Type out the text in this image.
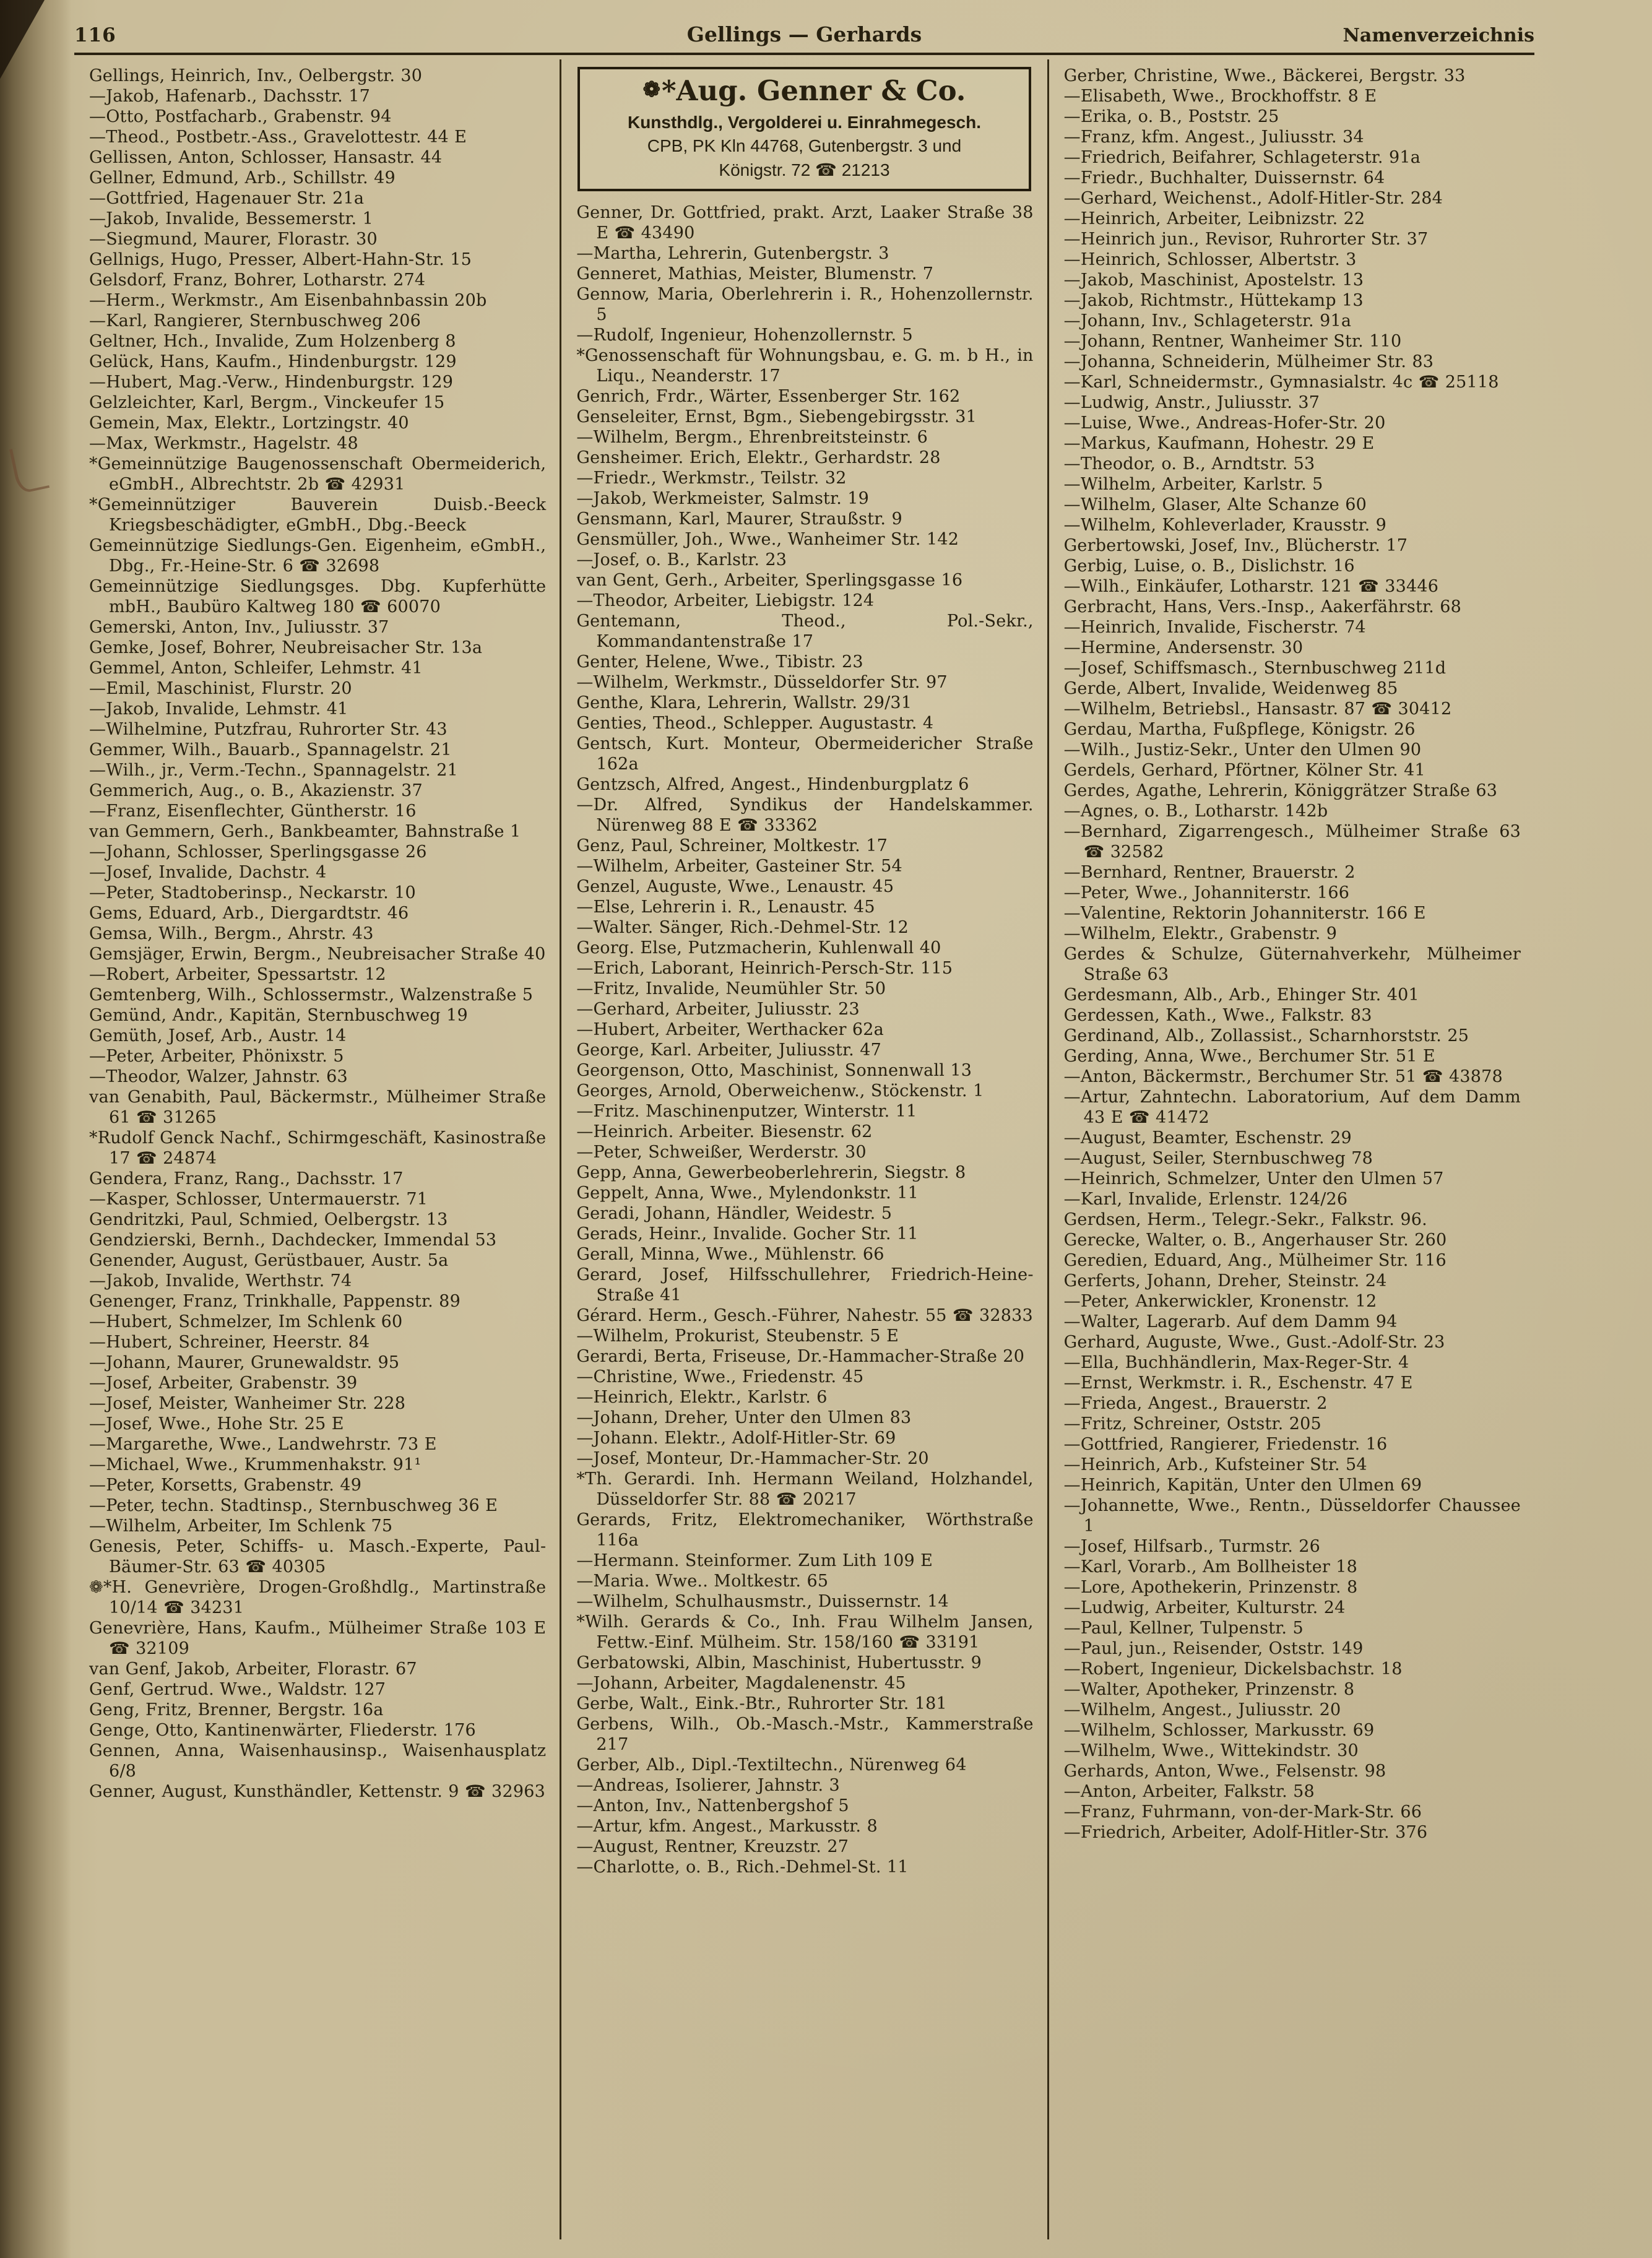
116	Gellings — Gerhards	Namenverzeichnis
Gellings, Heinrich, Inv., Oelbergstr. 30
—Jakob, Hafenarb., Dachsstr. 17
—Otto, Postfacharb., Grabenstr. 94
—Theod., Postbetr.-Ass., Gravelottestr. 44 E
Gellissen, Anton, Schlosser, Hansastr. 44
Gellner, Edmund, Arb., Schillstr. 49
—Gottfried, Hagenauer Str. 21a
—Jakob, Invalide, Bessemerstr. 1
—Siegmund, Maurer, Florastr. 30
Gellnigs, Hugo, Presser, Albert-Hahn-Str. 15
Gelsdorf, Franz, Bohrer, Lotharstr. 274
—Herm., Werkmstr., Am Eisenbahnbassin 20b
—Karl, Rangierer, Sternbuschweg 206
Geltner, Hch., Invalide, Zum Holzenberg 8
Gelück, Hans, Kaufm., Hindenburgstr. 129
—Hubert, Mag.-Verw., Hindenburgstr. 129
Gelzleichter, Karl, Bergm., Vinckeufer 15
Gemein, Max, Elektr., Lortzingstr. 40
—Max, Werkmstr., Hagelstr. 48
*Gemeinnützige Baugenossenschaft Obermeiderich, eGmbH., Albrechtstr. 2b ☎ 42931
*Gemeinnütziger Bauverein Duisb.-Beeck Kriegsbeschädigter, eGmbH., Dbg.-Beeck
Gemeinnützige Siedlungs-Gen. Eigenheim, eGmbH., Dbg., Fr.-Heine-Str. 6 ☎ 32698
Gemeinnützige Siedlungsges. Dbg. Kupferhütte mbH., Baubüro Kaltweg 180 ☎ 60070
Gemerski, Anton, Inv., Juliusstr. 37
Gemke, Josef, Bohrer, Neubreisacher Str. 13a
Gemmel, Anton, Schleifer, Lehmstr. 41
—Emil, Maschinist, Flurstr. 20
—Jakob, Invalide, Lehmstr. 41
—Wilhelmine, Putzfrau, Ruhrorter Str. 43
Gemmer, Wilh., Bauarb., Spannagelstr. 21
—Wilh., jr., Verm.-Techn., Spannagelstr. 21
Gemmerich, Aug., o. B., Akazienstr. 37
—Franz, Eisenflechter, Güntherstr. 16
van Gemmern, Gerh., Bankbeamter, Bahnstraße 1
—Johann, Schlosser, Sperlingsgasse 26
—Josef, Invalide, Dachstr. 4
—Peter, Stadtoberinsp., Neckarstr. 10
Gems, Eduard, Arb., Diergardtstr. 46
Gemsa, Wilh., Bergm., Ahrstr. 43
Gemsjäger, Erwin, Bergm., Neubreisacher Straße 40
—Robert, Arbeiter, Spessartstr. 12
Gemtenberg, Wilh., Schlossermstr., Walzenstraße 5
Gemünd, Andr., Kapitän, Sternbuschweg 19
Gemüth, Josef, Arb., Austr. 14
—Peter, Arbeiter, Phönixstr. 5
—Theodor, Walzer, Jahnstr. 63
van Genabith, Paul, Bäckermstr., Mülheimer Straße 61 ☎ 31265
*Rudolf Genck Nachf., Schirmgeschäft, Kasinostraße 17 ☎ 24874
Gendera, Franz, Rang., Dachsstr. 17
—Kasper, Schlosser, Untermauerstr. 71
Gendritzki, Paul, Schmied, Oelbergstr. 13
Gendzierski, Bernh., Dachdecker, Immendal 53
Genender, August, Gerüstbauer, Austr. 5a
—Jakob, Invalide, Werthstr. 74
Genenger, Franz, Trinkhalle, Pappenstr. 89
—Hubert, Schmelzer, Im Schlenk 60
—Hubert, Schreiner, Heerstr. 84
—Johann, Maurer, Grunewaldstr. 95
—Josef, Arbeiter, Grabenstr. 39
—Josef, Meister, Wanheimer Str. 228
—Josef, Wwe., Hohe Str. 25 E
—Margarethe, Wwe., Landwehrstr. 73 E
—Michael, Wwe., Krummenhakstr. 91¹
—Peter, Korsetts, Grabenstr. 49
—Peter, techn. Stadtinsp., Sternbuschweg 36 E
—Wilhelm, Arbeiter, Im Schlenk 75
Genesis, Peter, Schiffs- u. Masch.-Experte, Paul-Bäumer-Str. 63 ☎ 40305
❁*H. Genevrière, Drogen-Großhdlg., Martinstraße 10/14 ☎ 34231
Genevrière, Hans, Kaufm., Mülheimer Straße 103 E ☎ 32109
van Genf, Jakob, Arbeiter, Florastr. 67
Genf, Gertrud. Wwe., Waldstr. 127
Geng, Fritz, Brenner, Bergstr. 16a
Genge, Otto, Kantinenwärter, Fliederstr. 176
Gennen, Anna, Waisenhausinsp., Waisenhausplatz 6/8
Genner, August, Kunsthändler, Kettenstr. 9 ☎ 32963
❁*Aug. Genner & Co.
Kunsthdlg., Vergolderei u. Einrahmegesch.
CPB, PK Kln 44768, Gutenbergstr. 3 und
Königstr. 72 ☎ 21213
Genner, Dr. Gottfried, prakt. Arzt, Laaker Straße 38 E ☎ 43490
—Martha, Lehrerin, Gutenbergstr. 3
Genneret, Mathias, Meister, Blumenstr. 7
Gennow, Maria, Oberlehrerin i. R., Hohenzollernstr. 5
—Rudolf, Ingenieur, Hohenzollernstr. 5
*Genossenschaft für Wohnungsbau, e. G. m. b H., in Liqu., Neanderstr. 17
Genrich, Frdr., Wärter, Essenberger Str. 162
Genseleiter, Ernst, Bgm., Siebengebirgsstr. 31
—Wilhelm, Bergm., Ehrenbreitsteinstr. 6
Gensheimer. Erich, Elektr., Gerhardstr. 28
—Friedr., Werkmstr., Teilstr. 32
—Jakob, Werkmeister, Salmstr. 19
Gensmann, Karl, Maurer, Straußstr. 9
Gensmüller, Joh., Wwe., Wanheimer Str. 142
—Josef, o. B., Karlstr. 23
van Gent, Gerh., Arbeiter, Sperlingsgasse 16
—Theodor, Arbeiter, Liebigstr. 124
Gentemann, Theod., Pol.-Sekr., Kommandantenstraße 17
Genter, Helene, Wwe., Tibistr. 23
—Wilhelm, Werkmstr., Düsseldorfer Str. 97
Genthe, Klara, Lehrerin, Wallstr. 29/31
Genties, Theod., Schlepper. Augustastr. 4
Gentsch, Kurt. Monteur, Obermeidericher Straße 162a
Gentzsch, Alfred, Angest., Hindenburgplatz 6
—Dr. Alfred, Syndikus der Handelskammer. Nürenweg 88 E ☎ 33362
Genz, Paul, Schreiner, Moltkestr. 17
—Wilhelm, Arbeiter, Gasteiner Str. 54
Genzel, Auguste, Wwe., Lenaustr. 45
—Else, Lehrerin i. R., Lenaustr. 45
—Walter. Sänger, Rich.-Dehmel-Str. 12
Georg. Else, Putzmacherin, Kuhlenwall 40
—Erich, Laborant, Heinrich-Persch-Str. 115
—Fritz, Invalide, Neumühler Str. 50
—Gerhard, Arbeiter, Juliusstr. 23
—Hubert, Arbeiter, Werthacker 62a
George, Karl. Arbeiter, Juliusstr. 47
Georgenson, Otto, Maschinist, Sonnenwall 13
Georges, Arnold, Oberweichenw., Stöckenstr. 1
—Fritz. Maschinenputzer, Winterstr. 11
—Heinrich. Arbeiter. Biesenstr. 62
—Peter, Schweißer, Werderstr. 30
Gepp, Anna, Gewerbeoberlehrerin, Siegstr. 8
Geppelt, Anna, Wwe., Mylendonkstr. 11
Geradi, Johann, Händler, Weidestr. 5
Gerads, Heinr., Invalide. Gocher Str. 11
Gerall, Minna, Wwe., Mühlenstr. 66
Gerard, Josef, Hilfsschullehrer, Friedrich-Heine-Straße 41
Gérard. Herm., Gesch.-Führer, Nahestr. 55 ☎ 32833
—Wilhelm, Prokurist, Steubenstr. 5 E
Gerardi, Berta, Friseuse, Dr.-Hammacher-Straße 20
—Christine, Wwe., Friedenstr. 45
—Heinrich, Elektr., Karlstr. 6
—Johann, Dreher, Unter den Ulmen 83
—Johann. Elektr., Adolf-Hitler-Str. 69
—Josef, Monteur, Dr.-Hammacher-Str. 20
*Th. Gerardi. Inh. Hermann Weiland, Holzhandel, Düsseldorfer Str. 88 ☎ 20217
Gerards, Fritz, Elektromechaniker, Wörthstraße 116a
—Hermann. Steinformer. Zum Lith 109 E
—Maria. Wwe.. Moltkestr. 65
—Wilhelm, Schulhausmstr., Duissernstr. 14
*Wilh. Gerards & Co., Inh. Frau Wilhelm Jansen, Fettw.-Einf. Mülheim. Str. 158/160 ☎ 33191
Gerbatowski, Albin, Maschinist, Hubertusstr. 9
—Johann, Arbeiter, Magdalenenstr. 45
Gerbe, Walt., Eink.-Btr., Ruhrorter Str. 181
Gerbens, Wilh., Ob.-Masch.-Mstr., Kammerstraße 217
Gerber, Alb., Dipl.-Textiltechn., Nürenweg 64
—Andreas, Isolierer, Jahnstr. 3
—Anton, Inv., Nattenbergshof 5
—Artur, kfm. Angest., Markusstr. 8
—August, Rentner, Kreuzstr. 27
—Charlotte, o. B., Rich.-Dehmel-St. 11
Gerber, Christine, Wwe., Bäckerei, Bergstr. 33
—Elisabeth, Wwe., Brockhoffstr. 8 E
—Erika, o. B., Poststr. 25
—Franz, kfm. Angest., Juliusstr. 34
—Friedrich, Beifahrer, Schlageterstr. 91a
—Friedr., Buchhalter, Duissernstr. 64
—Gerhard, Weichenst., Adolf-Hitler-Str. 284
—Heinrich, Arbeiter, Leibnizstr. 22
—Heinrich jun., Revisor, Ruhrorter Str. 37
—Heinrich, Schlosser, Albertstr. 3
—Jakob, Maschinist, Apostelstr. 13
—Jakob, Richtmstr., Hüttekamp 13
—Johann, Inv., Schlageterstr. 91a
—Johann, Rentner, Wanheimer Str. 110
—Johanna, Schneiderin, Mülheimer Str. 83
—Karl, Schneidermstr., Gymnasialstr. 4c ☎ 25118
—Ludwig, Anstr., Juliusstr. 37
—Luise, Wwe., Andreas-Hofer-Str. 20
—Markus, Kaufmann, Hohestr. 29 E
—Theodor, o. B., Arndtstr. 53
—Wilhelm, Arbeiter, Karlstr. 5
—Wilhelm, Glaser, Alte Schanze 60
—Wilhelm, Kohleverlader, Krausstr. 9
Gerbertowski, Josef, Inv., Blücherstr. 17
Gerbig, Luise, o. B., Dislichstr. 16
—Wilh., Einkäufer, Lotharstr. 121 ☎ 33446
Gerbracht, Hans, Vers.-Insp., Aakerfährstr. 68
—Heinrich, Invalide, Fischerstr. 74
—Hermine, Andersenstr. 30
—Josef, Schiffsmasch., Sternbuschweg 211d
Gerde, Albert, Invalide, Weidenweg 85
—Wilhelm, Betriebsl., Hansastr. 87 ☎ 30412
Gerdau, Martha, Fußpflege, Königstr. 26
—Wilh., Justiz-Sekr., Unter den Ulmen 90
Gerdels, Gerhard, Pförtner, Kölner Str. 41
Gerdes, Agathe, Lehrerin, Königgrätzer Straße 63
—Agnes, o. B., Lotharstr. 142b
—Bernhard, Zigarrengesch., Mülheimer Straße 63 ☎ 32582
—Bernhard, Rentner, Brauerstr. 2
—Peter, Wwe., Johanniterstr. 166
—Valentine, Rektorin Johanniterstr. 166 E
—Wilhelm, Elektr., Grabenstr. 9
Gerdes & Schulze, Güternahverkehr, Mülheimer Straße 63
Gerdesmann, Alb., Arb., Ehinger Str. 401
Gerdessen, Kath., Wwe., Falkstr. 83
Gerdinand, Alb., Zollassist., Scharnhorststr. 25
Gerding, Anna, Wwe., Berchumer Str. 51 E
—Anton, Bäckermstr., Berchumer Str. 51 ☎ 43878
—Artur, Zahntechn. Laboratorium, Auf dem Damm 43 E ☎ 41472
—August, Beamter, Eschenstr. 29
—August, Seiler, Sternbuschweg 78
—Heinrich, Schmelzer, Unter den Ulmen 57
—Karl, Invalide, Erlenstr. 124/26
Gerdsen, Herm., Telegr.-Sekr., Falkstr. 96.
Gerecke, Walter, o. B., Angerhauser Str. 260
Geredien, Eduard, Ang., Mülheimer Str. 116
Gerferts, Johann, Dreher, Steinstr. 24
—Peter, Ankerwickler, Kronenstr. 12
—Walter, Lagerarb. Auf dem Damm 94
Gerhard, Auguste, Wwe., Gust.-Adolf-Str. 23
—Ella, Buchhändlerin, Max-Reger-Str. 4
—Ernst, Werkmstr. i. R., Eschenstr. 47 E
—Frieda, Angest., Brauerstr. 2
—Fritz, Schreiner, Oststr. 205
—Gottfried, Rangierer, Friedenstr. 16
—Heinrich, Arb., Kufsteiner Str. 54
—Heinrich, Kapitän, Unter den Ulmen 69
—Johannette, Wwe., Rentn., Düsseldorfer Chaussee 1
—Josef, Hilfsarb., Turmstr. 26
—Karl, Vorarb., Am Bollheister 18
—Lore, Apothekerin, Prinzenstr. 8
—Ludwig, Arbeiter, Kulturstr. 24
—Paul, Kellner, Tulpenstr. 5
—Paul, jun., Reisender, Oststr. 149
—Robert, Ingenieur, Dickelsbachstr. 18
—Walter, Apotheker, Prinzenstr. 8
—Wilhelm, Angest., Juliusstr. 20
—Wilhelm, Schlosser, Markusstr. 69
—Wilhelm, Wwe., Wittekindstr. 30
Gerhards, Anton, Wwe., Felsenstr. 98
—Anton, Arbeiter, Falkstr. 58
—Franz, Fuhrmann, von-der-Mark-Str. 66
—Friedrich, Arbeiter, Adolf-Hitler-Str. 376
